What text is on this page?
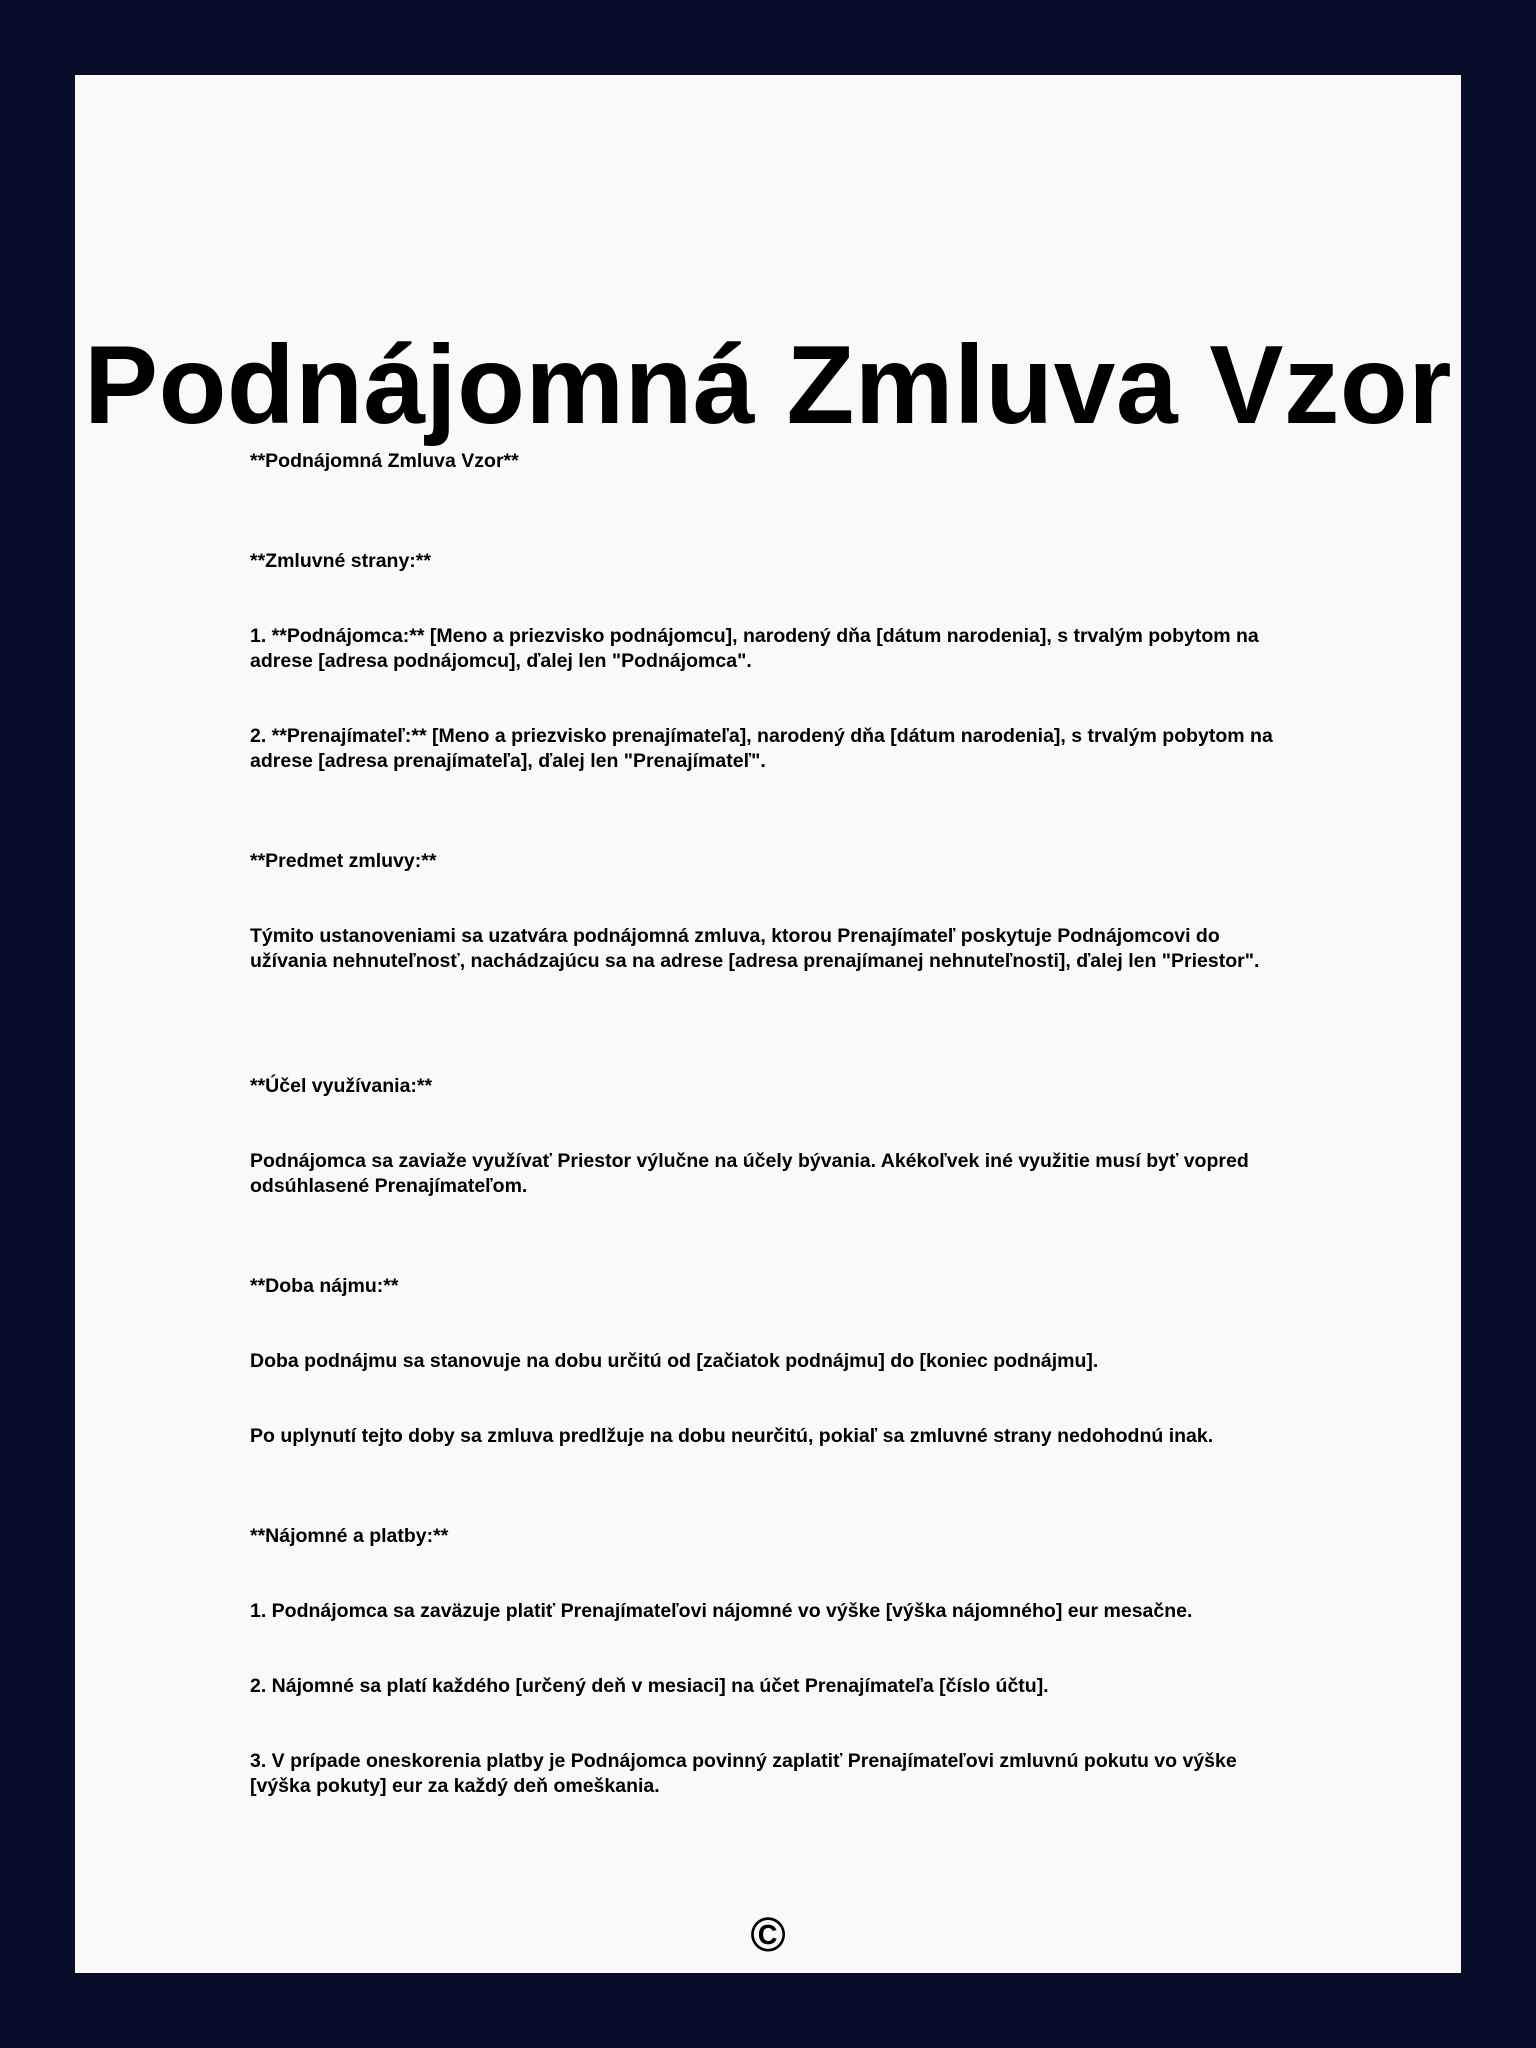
Podnájomná Zmluva Vzor

**Podnájomná Zmluva Vzor**

**Zmluvné strany:**

1. **Podnájomca:** [Meno a priezvisko podnájomcu], narodený dňa [dátum narodenia], s trvalým pobytom na adrese [adresa podnájomcu], ďalej len "Podnájomca".

2. **Prenajímateľ:** [Meno a priezvisko prenajímateľa], narodený dňa [dátum narodenia], s trvalým pobytom na adrese [adresa prenajímateľa], ďalej len "Prenajímateľ".

**Predmet zmluvy:**

Týmito ustanoveniami sa uzatvára podnájomná zmluva, ktorou Prenajímateľ poskytuje Podnájomcovi do užívania nehnuteľnosť, nachádzajúcu sa na adrese [adresa prenajímanej nehnuteľnosti], ďalej len "Priestor".

**Účel využívania:**

Podnájomca sa zaviaže využívať Priestor výlučne na účely bývania. Akékoľvek iné využitie musí byť vopred odsúhlasené Prenajímateľom.

**Doba nájmu:**

Doba podnájmu sa stanovuje na dobu určitú od [začiatok podnájmu] do [koniec podnájmu].

Po uplynutí tejto doby sa zmluva predlžuje na dobu neurčitú, pokiaľ sa zmluvné strany nedohodnú inak.

**Nájomné a platby:**

1. Podnájomca sa zaväzuje platiť Prenajímateľovi nájomné vo výške [výška nájomného] eur mesačne.

2. Nájomné sa platí každého [určený deň v mesiaci] na účet Prenajímateľa [číslo účtu].

3. V prípade oneskorenia platby je Podnájomca povinný zaplatiť Prenajímateľovi zmluvnú pokutu vo výške [výška pokuty] eur za každý deň omeškania.

©
